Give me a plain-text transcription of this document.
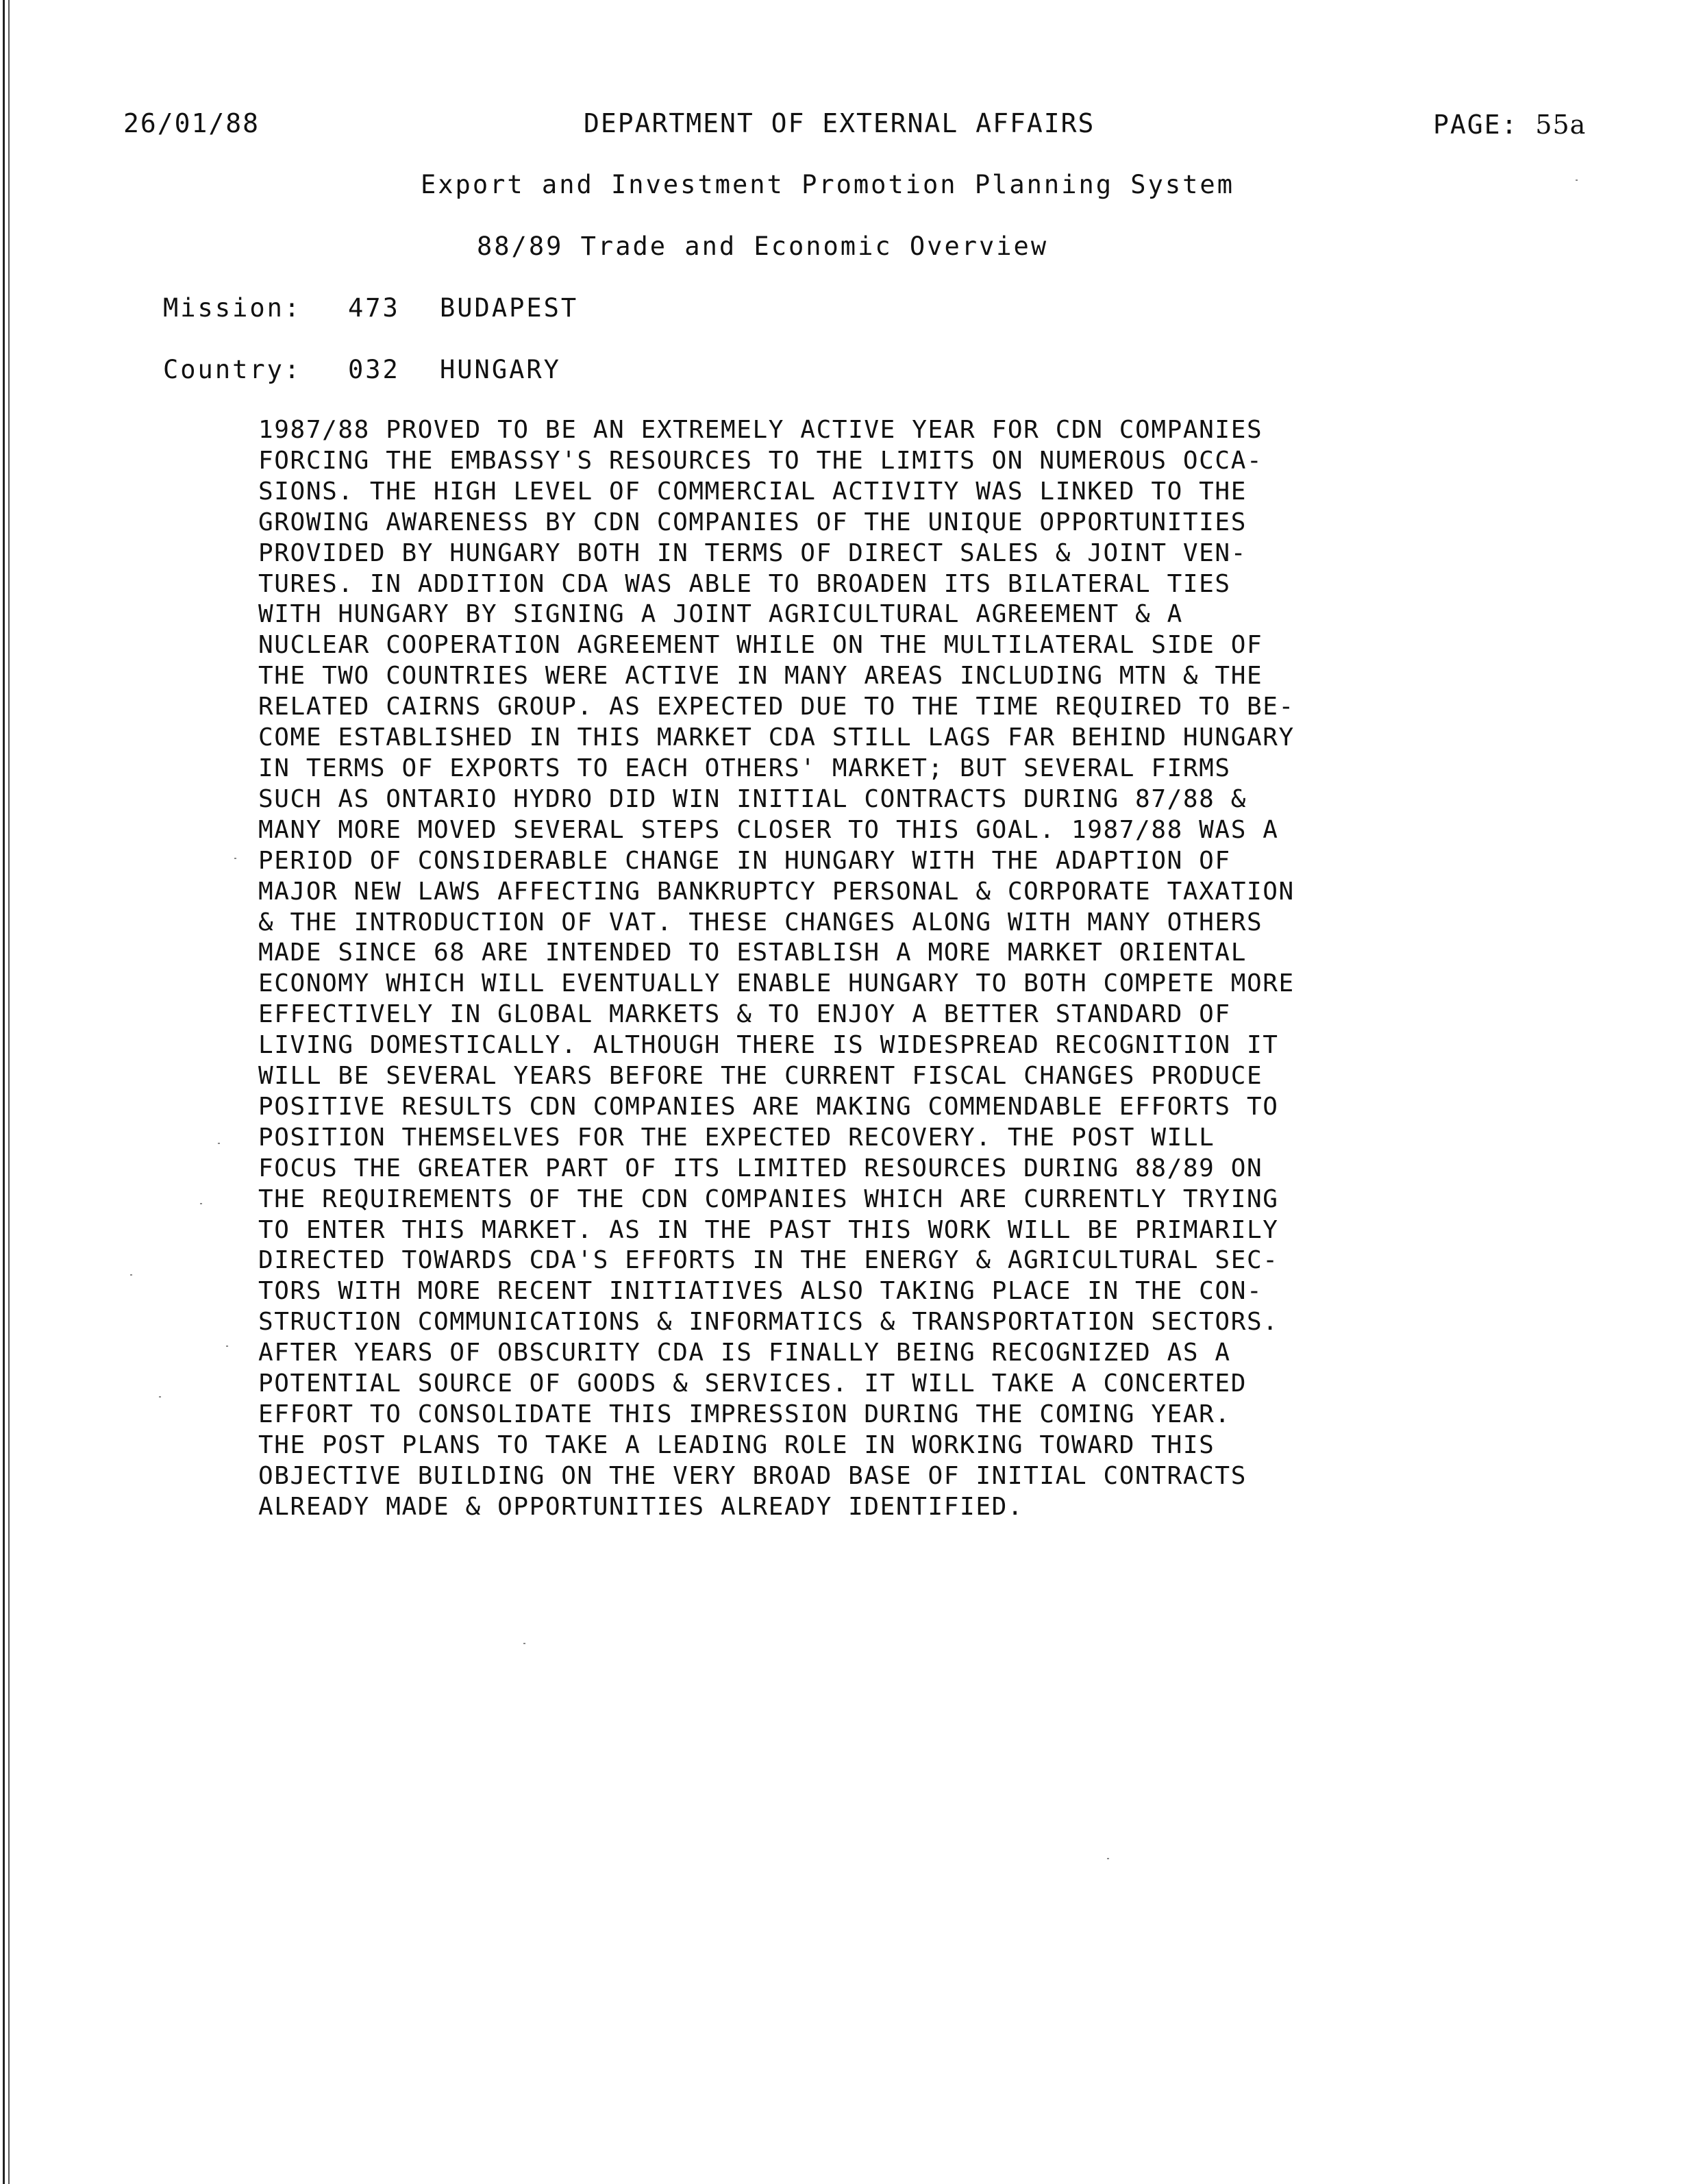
26/01/88	DEPARTMENT OF EXTERNAL AFFAIRS	PAGE: 55a
Export and Investment Promotion Planning System
88/89 Trade and Economic Overview
Mission: 473 BUDAPEST
Country: 032 HUNGARY
1987/88 PROVED TO BE AN EXTREMELY ACTIVE YEAR FOR CDN COMPANIES
FORCING THE EMBASSY'S RESOURCES TO THE LIMITS ON NUMEROUS OCCA-
SIONS. THE HIGH LEVEL OF COMMERCIAL ACTIVITY WAS LINKED TO THE
GROWING AWARENESS BY CDN COMPANIES OF THE UNIQUE OPPORTUNITIES
PROVIDED BY HUNGARY BOTH IN TERMS OF DIRECT SALES & JOINT VEN-
TURES. IN ADDITION CDA WAS ABLE TO BROADEN ITS BILATERAL TIES
WITH HUNGARY BY SIGNING A JOINT AGRICULTURAL AGREEMENT & A
NUCLEAR COOPERATION AGREEMENT WHILE ON THE MULTILATERAL SIDE OF
THE TWO COUNTRIES WERE ACTIVE IN MANY AREAS INCLUDING MTN & THE
RELATED CAIRNS GROUP. AS EXPECTED DUE TO THE TIME REQUIRED TO BE-
COME ESTABLISHED IN THIS MARKET CDA STILL LAGS FAR BEHIND HUNGARY
IN TERMS OF EXPORTS TO EACH OTHERS' MARKET; BUT SEVERAL FIRMS
SUCH AS ONTARIO HYDRO DID WIN INITIAL CONTRACTS DURING 87/88 &
MANY MORE MOVED SEVERAL STEPS CLOSER TO THIS GOAL. 1987/88 WAS A
PERIOD OF CONSIDERABLE CHANGE IN HUNGARY WITH THE ADAPTION OF
MAJOR NEW LAWS AFFECTING BANKRUPTCY PERSONAL & CORPORATE TAXATION
& THE INTRODUCTION OF VAT. THESE CHANGES ALONG WITH MANY OTHERS
MADE SINCE 68 ARE INTENDED TO ESTABLISH A MORE MARKET ORIENTAL
ECONOMY WHICH WILL EVENTUALLY ENABLE HUNGARY TO BOTH COMPETE MORE
EFFECTIVELY IN GLOBAL MARKETS & TO ENJOY A BETTER STANDARD OF
LIVING DOMESTICALLY. ALTHOUGH THERE IS WIDESPREAD RECOGNITION IT
WILL BE SEVERAL YEARS BEFORE THE CURRENT FISCAL CHANGES PRODUCE
POSITIVE RESULTS CDN COMPANIES ARE MAKING COMMENDABLE EFFORTS TO
POSITION THEMSELVES FOR THE EXPECTED RECOVERY. THE POST WILL
FOCUS THE GREATER PART OF ITS LIMITED RESOURCES DURING 88/89 ON
THE REQUIREMENTS OF THE CDN COMPANIES WHICH ARE CURRENTLY TRYING
TO ENTER THIS MARKET. AS IN THE PAST THIS WORK WILL BE PRIMARILY
DIRECTED TOWARDS CDA'S EFFORTS IN THE ENERGY & AGRICULTURAL SEC-
TORS WITH MORE RECENT INITIATIVES ALSO TAKING PLACE IN THE CON-
STRUCTION COMMUNICATIONS & INFORMATICS & TRANSPORTATION SECTORS.
AFTER YEARS OF OBSCURITY CDA IS FINALLY BEING RECOGNIZED AS A
POTENTIAL SOURCE OF GOODS & SERVICES. IT WILL TAKE A CONCERTED
EFFORT TO CONSOLIDATE THIS IMPRESSION DURING THE COMING YEAR.
THE POST PLANS TO TAKE A LEADING ROLE IN WORKING TOWARD THIS
OBJECTIVE BUILDING ON THE VERY BROAD BASE OF INITIAL CONTRACTS
ALREADY MADE & OPPORTUNITIES ALREADY IDENTIFIED.
